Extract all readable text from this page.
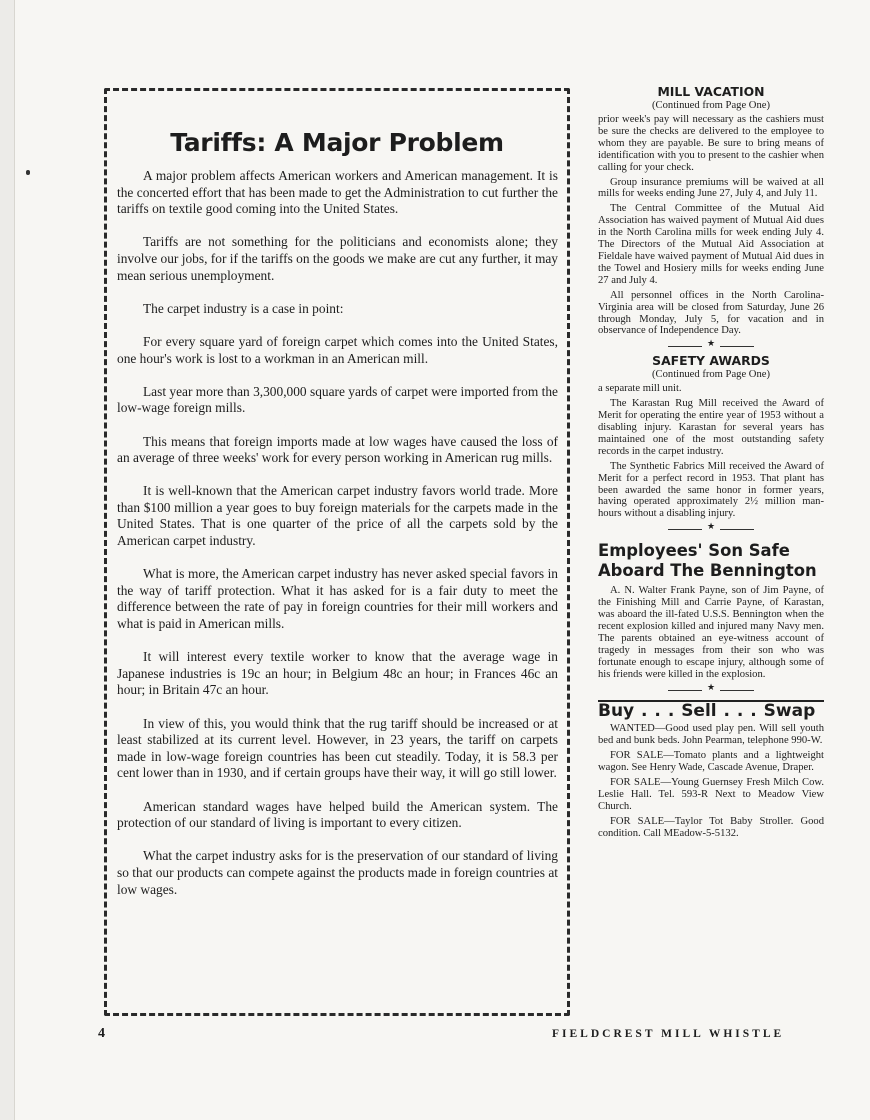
Tariffs: A Major Problem

A major problem affects American workers and American management. It is the concerted effort that has been made to get the Administration to cut further the tariffs on textile good coming into the United States.

Tariffs are not something for the politicians and economists alone; they involve our jobs, for if the tariffs on the goods we make are cut any further, it may mean serious unemployment.

The carpet industry is a case in point:

For every square yard of foreign carpet which comes into the United States, one hour's work is lost to a workman in an American mill.

Last year more than 3,300,000 square yards of carpet were imported from the low-wage foreign mills.

This means that foreign imports made at low wages have caused the loss of an average of three weeks' work for every person working in American rug mills.

It is well-known that the American carpet industry favors world trade. More than $100 million a year goes to buy foreign materials for the carpets made in the United States. That is one quarter of the price of all the carpets sold by the American carpet industry.

What is more, the American carpet industry has never asked special favors in the way of tariff protection. What it has asked for is a fair duty to meet the difference between the rate of pay in foreign countries for their mill workers and what is paid in American mills.

It will interest every textile worker to know that the average wage in Japanese industries is 19c an hour; in Belgium 48c an hour; in Frances 46c an hour; in Britain 47c an hour.

In view of this, you would think that the rug tariff should be increased or at least stabilized at its current level. However, in 23 years, the tariff on carpets made in low-wage foreign countries has been cut steadily. Today, it is 58.3 per cent lower than in 1930, and if certain groups have their way, it will go still lower.

American standard wages have helped build the American system. The protection of our standard of living is important to every citizen.

What the carpet industry asks for is the preservation of our standard of living so that our products can compete against the products made in foreign countries at low wages.

MILL VACATION
(Continued from Page One)

prior week's pay will necessary as the cashiers must be sure the checks are delivered to the employee to whom they are payable. Be sure to bring means of identification with you to present to the cashier when calling for your check.

Group insurance premiums will be waived at all mills for weeks ending June 27, July 4, and July 11.

The Central Committee of the Mutual Aid Association has waived payment of Mutual Aid dues in the North Carolina mills for week ending July 4. The Directors of the Mutual Aid Association at Fieldale have waived payment of Mutual Aid dues in the Towel and Hosiery mills for weeks ending June 27 and July 4.

All personnel offices in the North Carolina-Virginia area will be closed from Saturday, June 26 through Monday, July 5, for vacation and in observance of Independence Day.

★
SAFETY AWARDS
(Continued from Page One)

a separate mill unit.

The Karastan Rug Mill received the Award of Merit for operating the entire year of 1953 without a disabling injury. Karastan for several years has maintained one of the most outstanding safety records in the carpet industry.

The Synthetic Fabrics Mill received the Award of Merit for a perfect record in 1953. That plant has been awarded the same honor in former years, having operated approximately 2½ million man-hours without a disabling injury.

★
Employees' Son Safe
Aboard The Bennington

A. N. Walter Frank Payne, son of Jim Payne, of the Finishing Mill and Carrie Payne, of Karastan, was aboard the ill-fated U.S.S. Bennington when the recent explosion killed and injured many Navy men. The parents obtained an eye-witness account of tragedy in messages from their son who was fortunate enough to escape injury, although some of his friends were killed in the explosion.

★
Buy . . . Sell . . . Swap

WANTED—Good used play pen. Will sell youth bed and bunk beds. John Pearman, telephone 990-W.

FOR SALE—Tomato plants and a lightweight wagon. See Henry Wade, Cascade Avenue, Draper.

FOR SALE—Young Guernsey Fresh Milch Cow. Leslie Hall. Tel. 593-R Next to Meadow View Church.

FOR SALE—Taylor Tot Baby Stroller. Good condition. Call MEadow-5-5132.

4	FIELDCREST MILL WHISTLE
